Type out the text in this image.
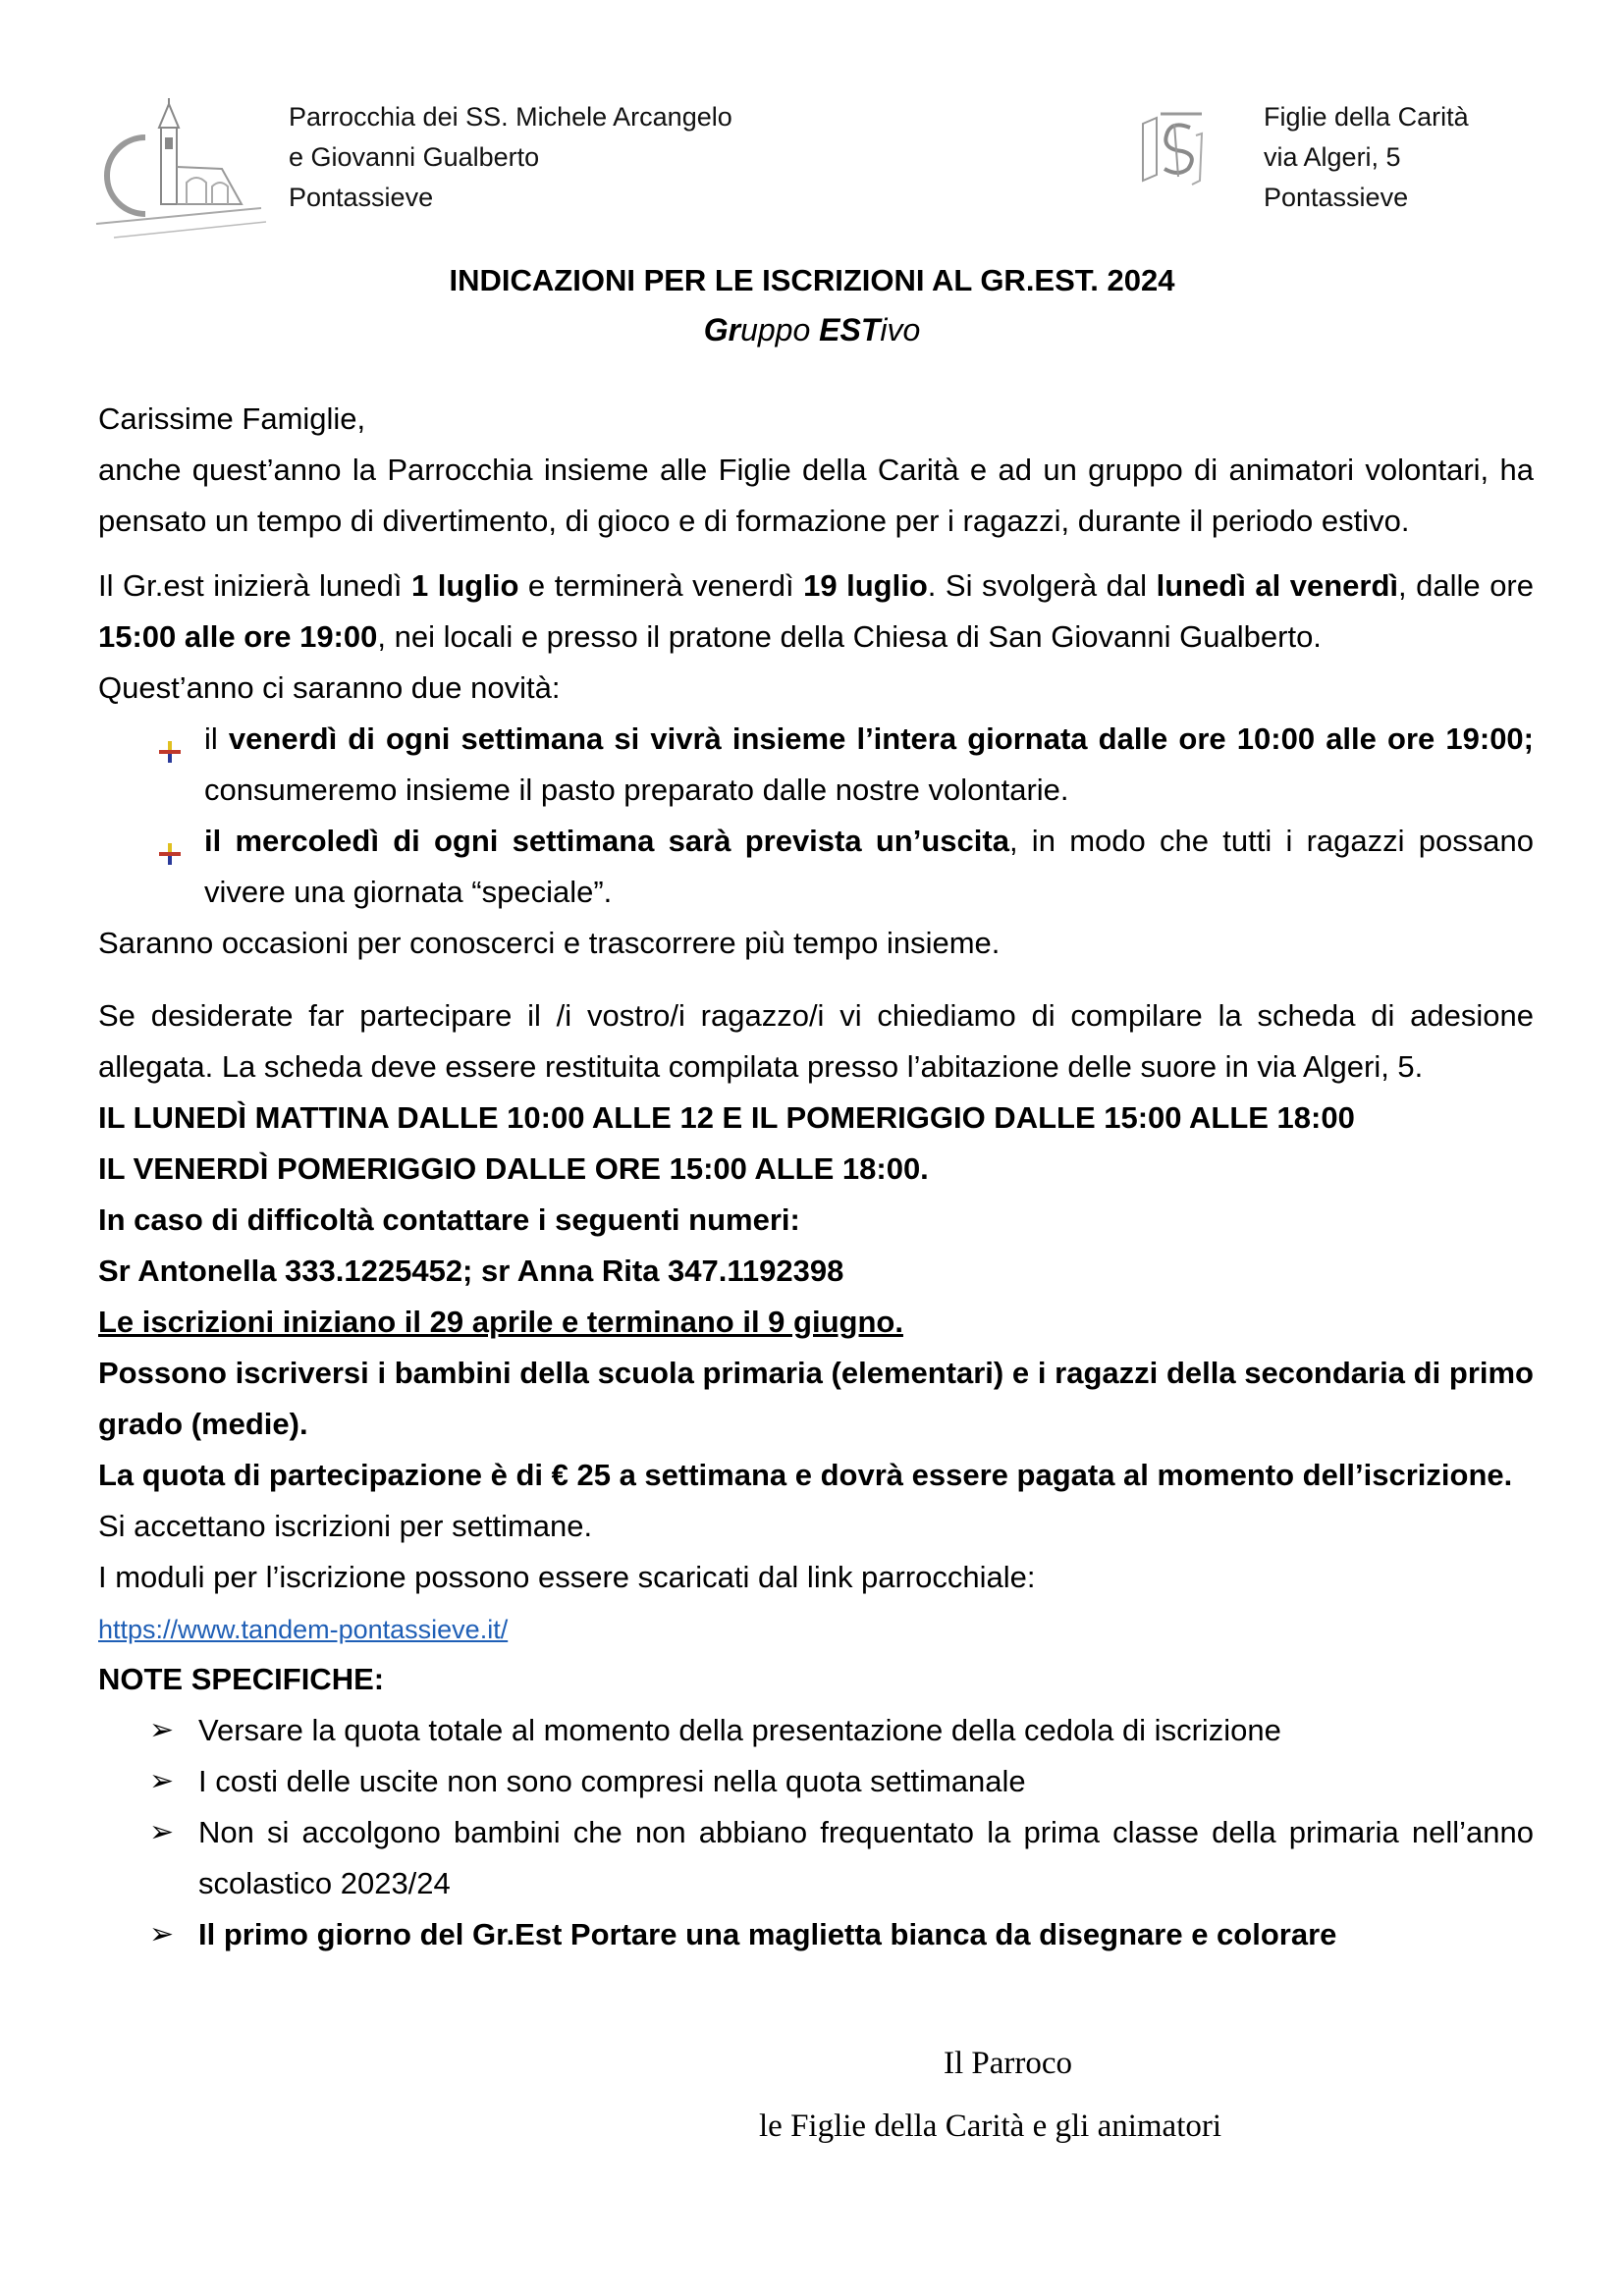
Parrocchia dei SS. Michele Arcangelo
e Giovanni Gualberto
Pontassieve
Figlie della Carità
via Algeri, 5
Pontassieve
INDICAZIONI PER LE ISCRIZIONI AL GR.EST. 2024
Gruppo ESTivo

Carissime Famiglie,

anche quest’anno la Parrocchia insieme alle Figlie della Carità e ad un gruppo di animatori volontari, ha pensato un tempo di divertimento, di gioco e di formazione per i ragazzi, durante il periodo estivo.

Il Gr.est inizierà lunedì 1 luglio e terminerà venerdì 19 luglio. Si svolgerà dal lunedì al venerdì, dalle ore 15:00 alle ore 19:00, nei locali e presso il pratone della Chiesa di San Giovanni Gualberto.

Quest’anno ci saranno due novità:

il venerdì di ogni settimana si vivrà insieme l’intera giornata dalle ore 10:00 alle ore 19:00; consumeremo insieme il pasto preparato dalle nostre volontarie.
il mercoledì di ogni settimana sarà prevista un’uscita, in modo che tutti i ragazzi possano vivere una giornata “speciale”.

Saranno occasioni per conoscerci e trascorrere più tempo insieme.

Se desiderate far partecipare il /i vostro/i ragazzo/i vi chiediamo di compilare la scheda di adesione allegata. La scheda deve essere restituita compilata presso l’abitazione delle suore in via Algeri, 5.

IL LUNEDÌ MATTINA DALLE 10:00 ALLE 12 E IL POMERIGGIO DALLE 15:00 ALLE 18:00

IL VENERDÌ POMERIGGIO DALLE ORE 15:00 ALLE 18:00.

In caso di difficoltà contattare i seguenti numeri:

Sr Antonella 333.1225452; sr Anna Rita 347.1192398

Le iscrizioni iniziano il 29 aprile e terminano il 9 giugno.

Possono iscriversi i bambini della scuola primaria (elementari) e i ragazzi della secondaria di primo grado (medie).

La quota di partecipazione è di € 25 a settimana e dovrà essere pagata al momento dell’iscrizione.

Si accettano iscrizioni per settimane.

I moduli per l’iscrizione possono essere scaricati dal link parrocchiale:

https://www.tandem-pontassieve.it/

NOTE SPECIFICHE:

➢ Versare la quota totale al momento della presentazione della cedola di iscrizione
➢ I costi delle uscite non sono compresi nella quota settimanale
➢ Non si accolgono bambini che non abbiano frequentato la prima classe della primaria nell’anno scolastico 2023/24
➢ Il primo giorno del Gr.Est Portare una maglietta bianca da disegnare e colorare
Il Parroco
le Figlie della Carità e gli animatori
